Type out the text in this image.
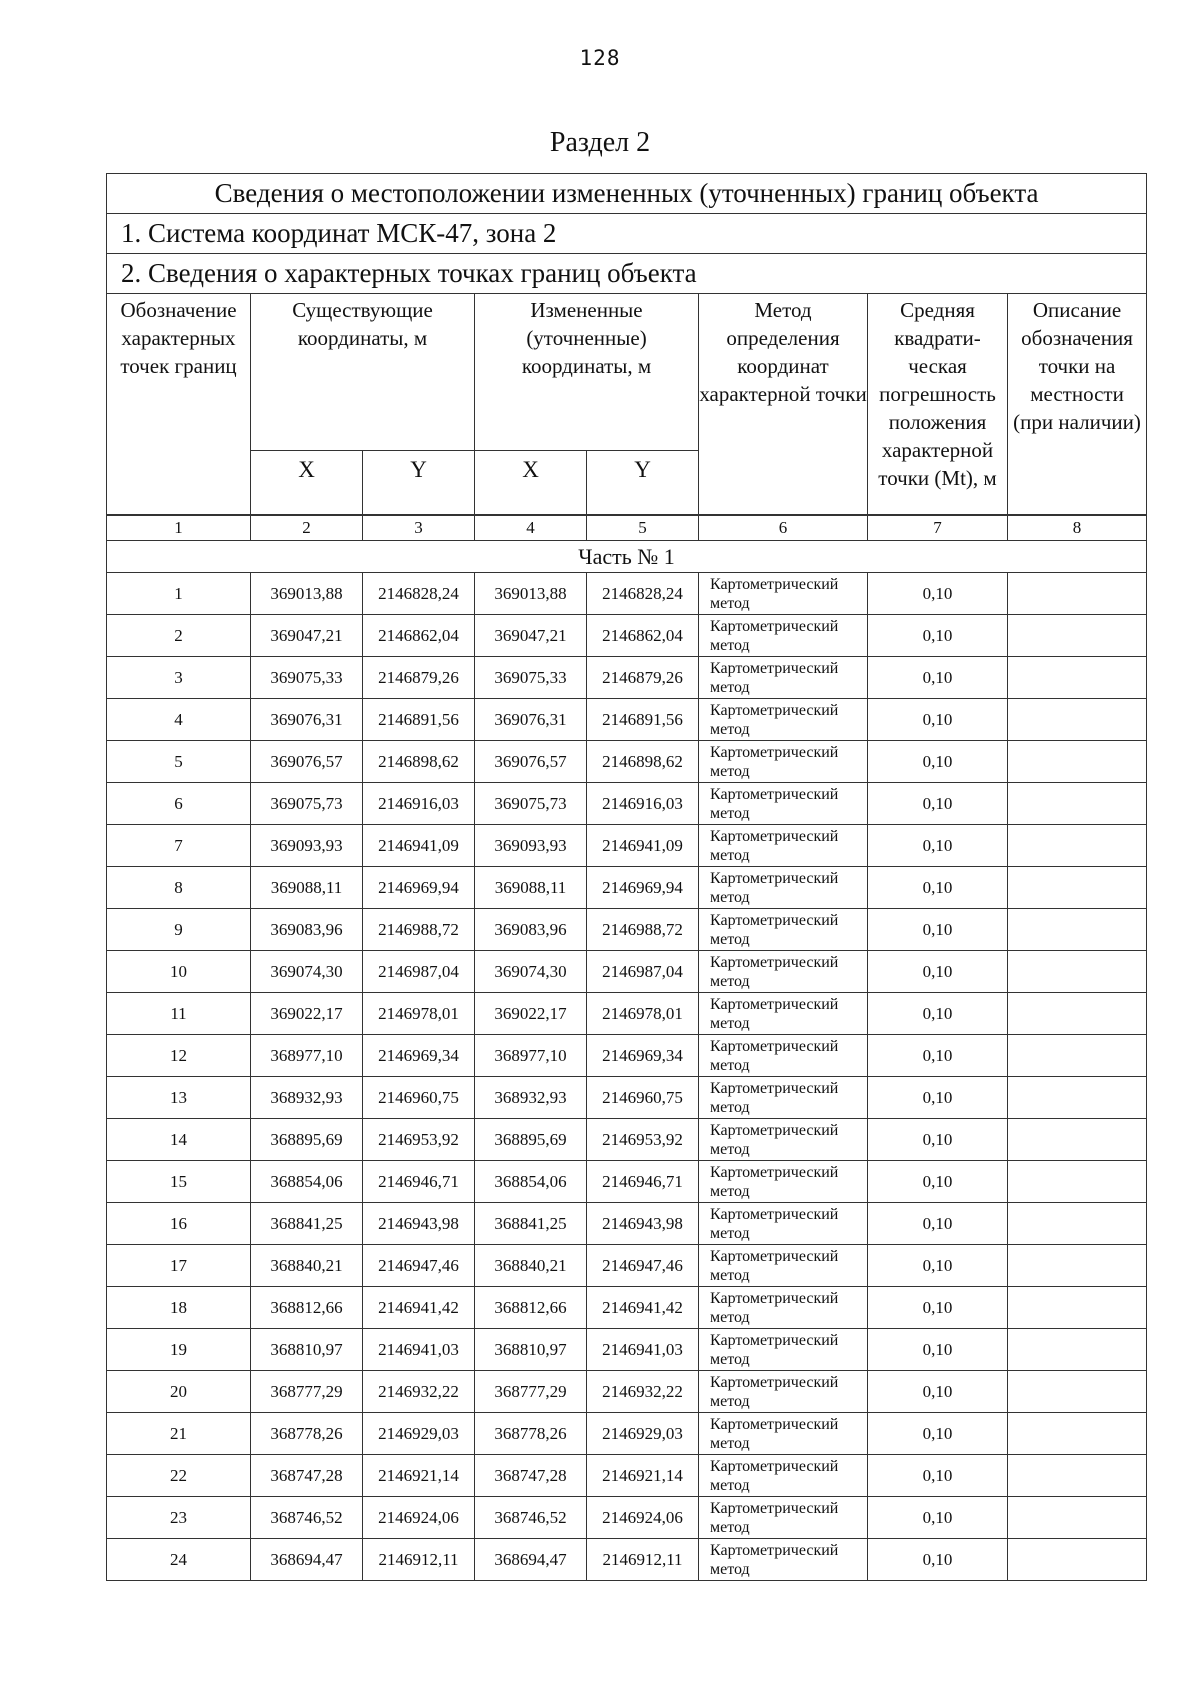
128
Раздел 2
Сведения о местоположении измененных (уточненных) границ объекта							
1. Система координат МСК-47, зона 2							
2. Сведения о характерных точках границ объекта							
Обозначение характерных точек границ	Существующие координаты, м		Измененные (уточненные) координаты, м		Метод определения координат характерной точки	Средняя квадрати-ческая погрешность положения характерной точки (Mt), м	Описание обозначения точки на местности (при наличии)
	X	Y	X	Y			
1	2	3	4	5	6	7	8
Часть № 1							
1	369013,88	2146828,24	369013,88	2146828,24	Картометрический метод	0,10	
2	369047,21	2146862,04	369047,21	2146862,04	Картометрический метод	0,10	
3	369075,33	2146879,26	369075,33	2146879,26	Картометрический метод	0,10	
4	369076,31	2146891,56	369076,31	2146891,56	Картометрический метод	0,10	
5	369076,57	2146898,62	369076,57	2146898,62	Картометрический метод	0,10	
6	369075,73	2146916,03	369075,73	2146916,03	Картометрический метод	0,10	
7	369093,93	2146941,09	369093,93	2146941,09	Картометрический метод	0,10	
8	369088,11	2146969,94	369088,11	2146969,94	Картометрический метод	0,10	
9	369083,96	2146988,72	369083,96	2146988,72	Картометрический метод	0,10	
10	369074,30	2146987,04	369074,30	2146987,04	Картометрический метод	0,10	
11	369022,17	2146978,01	369022,17	2146978,01	Картометрический метод	0,10	
12	368977,10	2146969,34	368977,10	2146969,34	Картометрический метод	0,10	
13	368932,93	2146960,75	368932,93	2146960,75	Картометрический метод	0,10	
14	368895,69	2146953,92	368895,69	2146953,92	Картометрический метод	0,10	
15	368854,06	2146946,71	368854,06	2146946,71	Картометрический метод	0,10	
16	368841,25	2146943,98	368841,25	2146943,98	Картометрический метод	0,10	
17	368840,21	2146947,46	368840,21	2146947,46	Картометрический метод	0,10	
18	368812,66	2146941,42	368812,66	2146941,42	Картометрический метод	0,10	
19	368810,97	2146941,03	368810,97	2146941,03	Картометрический метод	0,10	
20	368777,29	2146932,22	368777,29	2146932,22	Картометрический метод	0,10	
21	368778,26	2146929,03	368778,26	2146929,03	Картометрический метод	0,10	
22	368747,28	2146921,14	368747,28	2146921,14	Картометрический метод	0,10	
23	368746,52	2146924,06	368746,52	2146924,06	Картометрический метод	0,10	
24	368694,47	2146912,11	368694,47	2146912,11	Картометрический метод	0,10	
